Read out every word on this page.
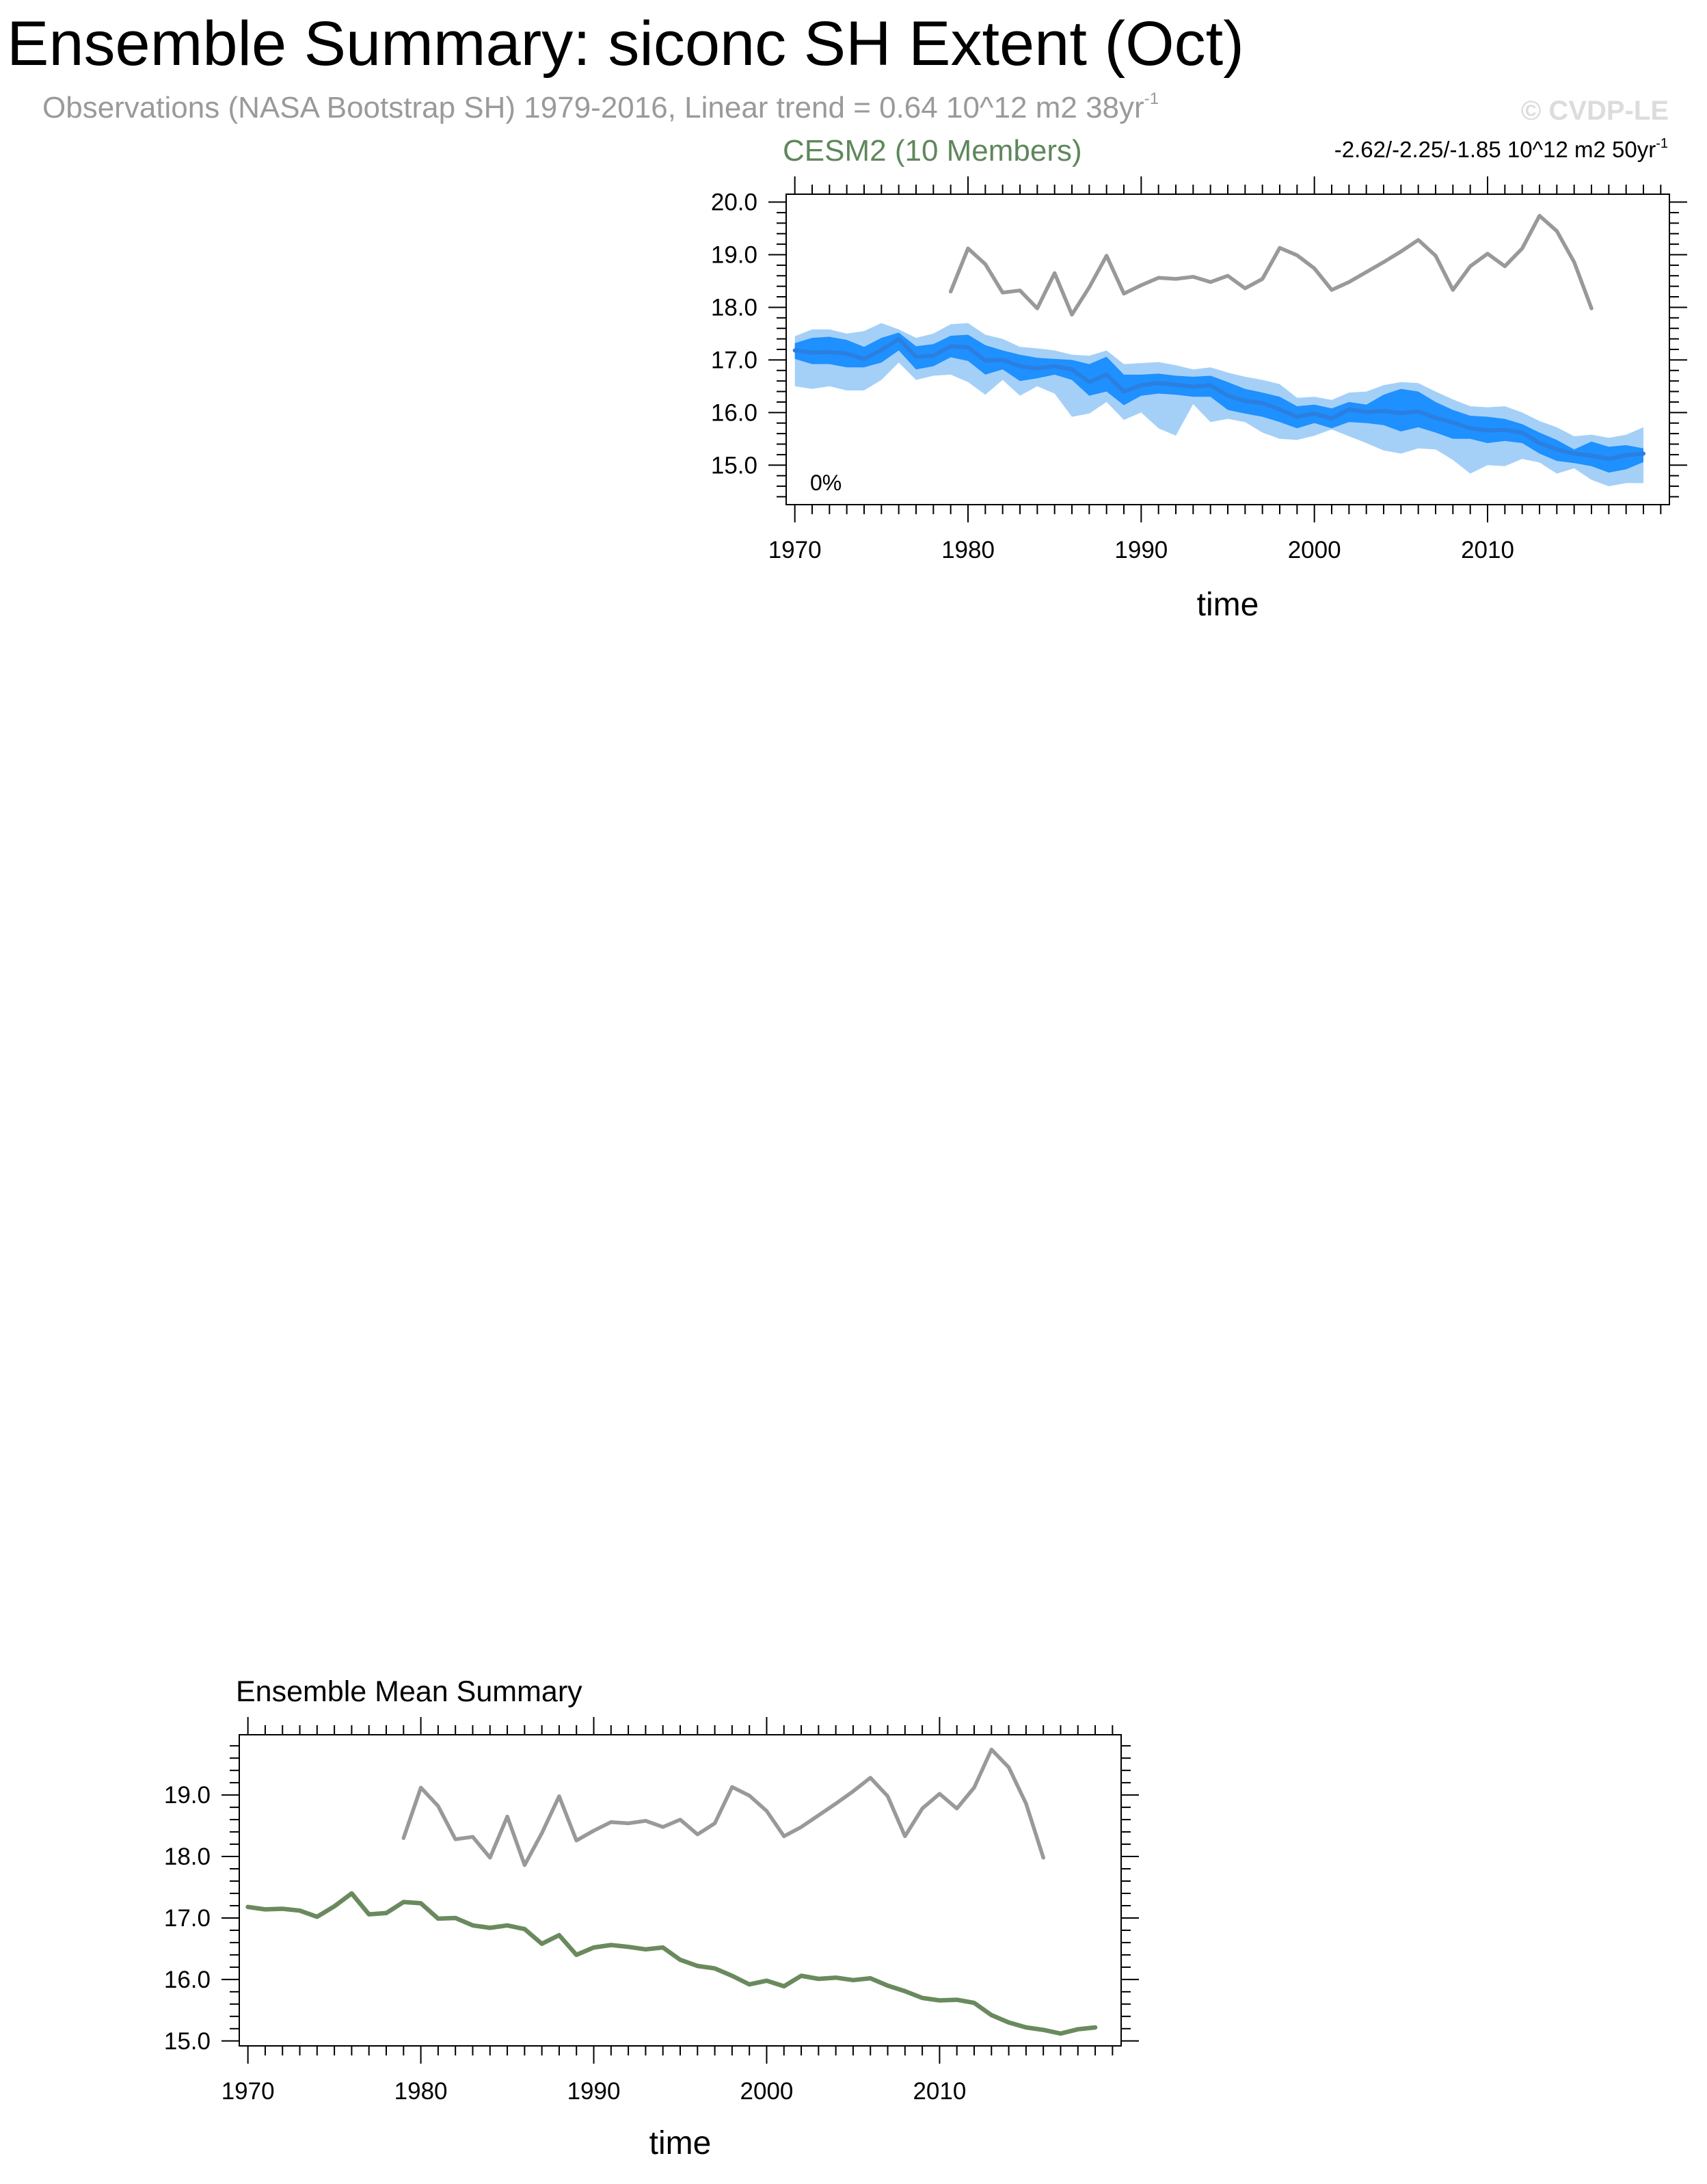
Ensemble Summary: siconc SH Extent (Oct)
Observations (NASA Bootstrap SH) 1979-2016, Linear trend = 0.64 10^12 m2 $38yr^{-1}$	© CVDP-LE
1970	1980	1990	2000	2010
15.0
16.0
17.0
18.0
19.0
20.0
time
CESM2 (10 Members)	-2.62/-2.25/-1.85 10^12 m2 $50yr^{-1}$
0%
1970	1980	1990	2000	2010
15.0
16.0
17.0
18.0
19.0
time
Ensemble Mean Summary
